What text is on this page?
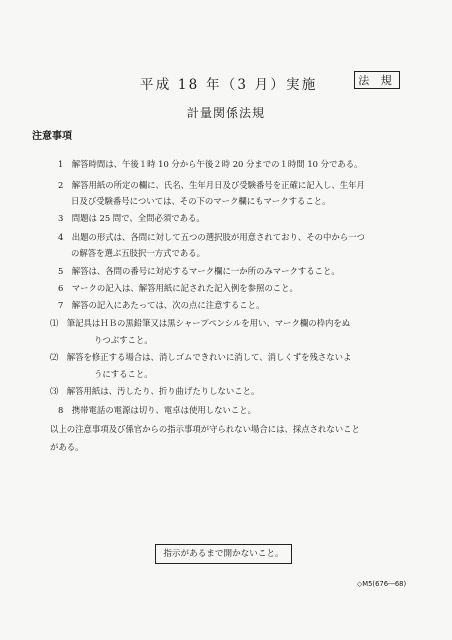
平成 18 年（3 月）実施	法 規
計量関係法規
注意事項
1　解答時間は、午後１時 10 分から午後２時 20 分までの１時間 10 分である。
2　解答用紙の所定の欄に、氏名、生年月日及び受験番号を正確に記入し、生年月
日及び受験番号については、その下のマーク欄にもマークすること。
3　問題は 25 問で、全問必須である。
4　出題の形式は、各問に対して五つの選択肢が用意されており、その中から一つ
の解答を選ぶ五肢択一方式である。
5　解答は、各問の番号に対応するマーク欄に一か所のみマークすること。
6　マークの記入は、解答用紙に記された記入例を参照のこと。
7　解答の記入にあたっては、次の点に注意すること。
⑴　筆記具はＨＢの黒鉛筆又は黒シャープペンシルを用い、マーク欄の枠内をぬ
りつぶすこと。
⑵　解答を修正する場合は、消しゴムできれいに消して、消しくずを残さないよ
うにすること。
⑶　解答用紙は、汚したり、折り曲げたりしないこと。
8　携帯電話の電源は切り、電卓は使用しないこと。
以上の注意事項及び係官からの指示事項が守られない場合には、採点されないこと
がある。
指示があるまで開かないこと。
◇M5(676―68)
